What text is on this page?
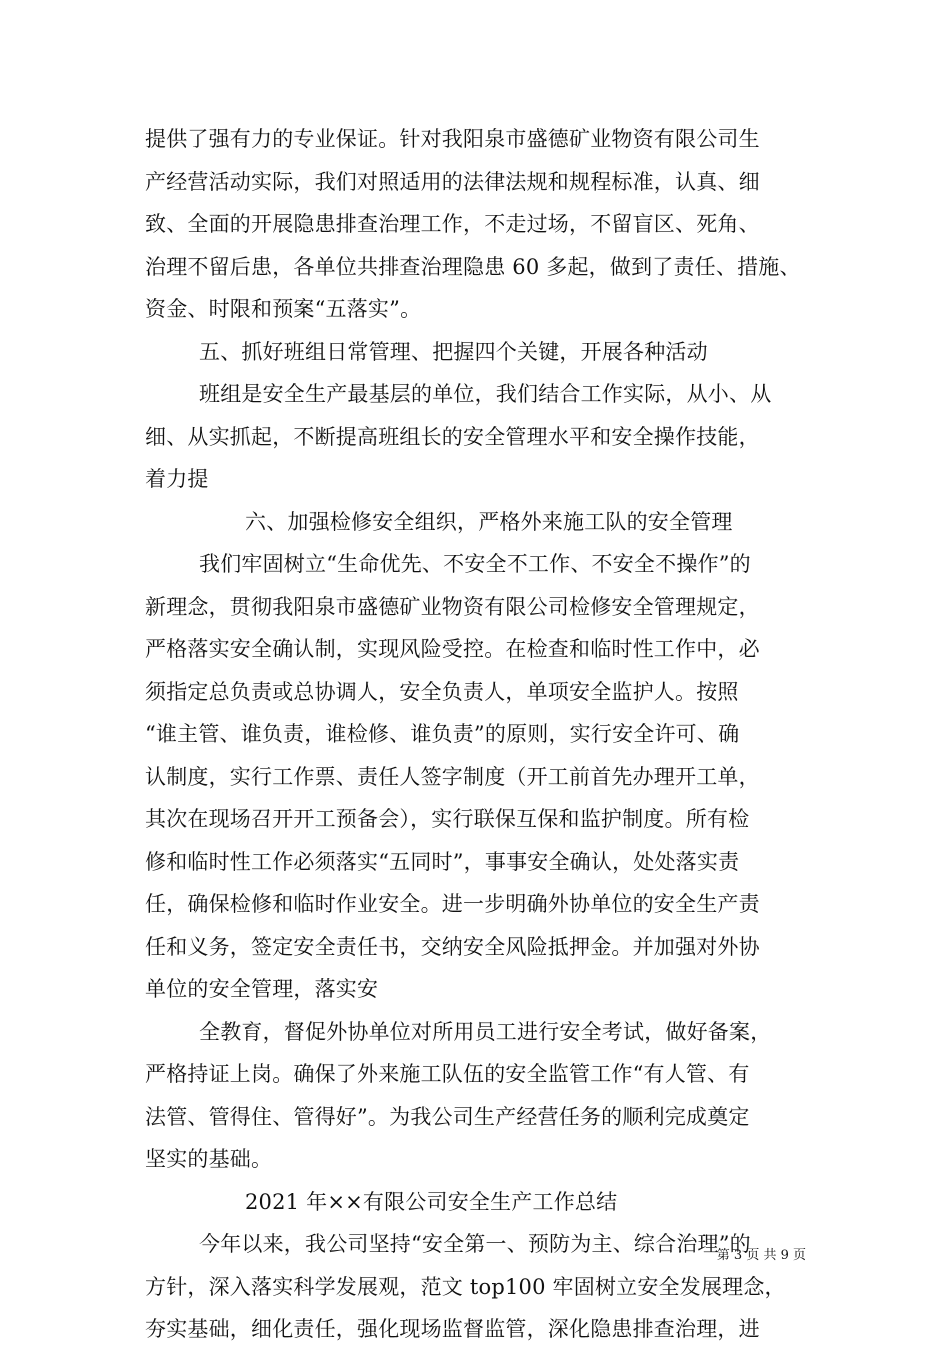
提供了强有力的专业保证。针对我阳泉市盛德矿业物资有限公司生
产经营活动实际，我们对照适用的法律法规和规程标准，认真、细
致、全面的开展隐患排查治理工作，不走过场，不留盲区、死角、
治理不留后患，各单位共排查治理隐患 60 多起，做到了责任、措施、
资金、时限和预案“五落实”。
五、抓好班组日常管理、把握四个关键，开展各种活动
班组是安全生产最基层的单位，我们结合工作实际，从小、从
细、从实抓起，不断提高班组长的安全管理水平和安全操作技能，
着力提
六、加强检修安全组织，严格外来施工队的安全管理
我们牢固树立“生命优先、不安全不工作、不安全不操作”的
新理念，贯彻我阳泉市盛德矿业物资有限公司检修安全管理规定，
严格落实安全确认制，实现风险受控。在检查和临时性工作中，必
须指定总负责或总协调人，安全负责人，单项安全监护人。按照
“谁主管、谁负责，谁检修、谁负责”的原则，实行安全许可、确
认制度，实行工作票、责任人签字制度（开工前首先办理开工单，
其次在现场召开开工预备会），实行联保互保和监护制度。所有检
修和临时性工作必须落实“五同时”，事事安全确认，处处落实责
任，确保检修和临时作业安全。进一步明确外协单位的安全生产责
任和义务，签定安全责任书，交纳安全风险抵押金。并加强对外协
单位的安全管理，落实安
全教育，督促外协单位对所用员工进行安全考试，做好备案，
严格持证上岗。确保了外来施工队伍的安全监管工作“有人管、有
法管、管得住、管得好”。为我公司生产经营任务的顺利完成奠定
坚实的基础。
2021 年××有限公司安全生产工作总结
今年以来，我公司坚持“安全第一、预防为主、综合治理”的
方针，深入落实科学发展观，范文 top100 牢固树立安全发展理念，
夯实基础，细化责任，强化现场监督监管，深化隐患排查治理，进
第 3 页 共 9 页
